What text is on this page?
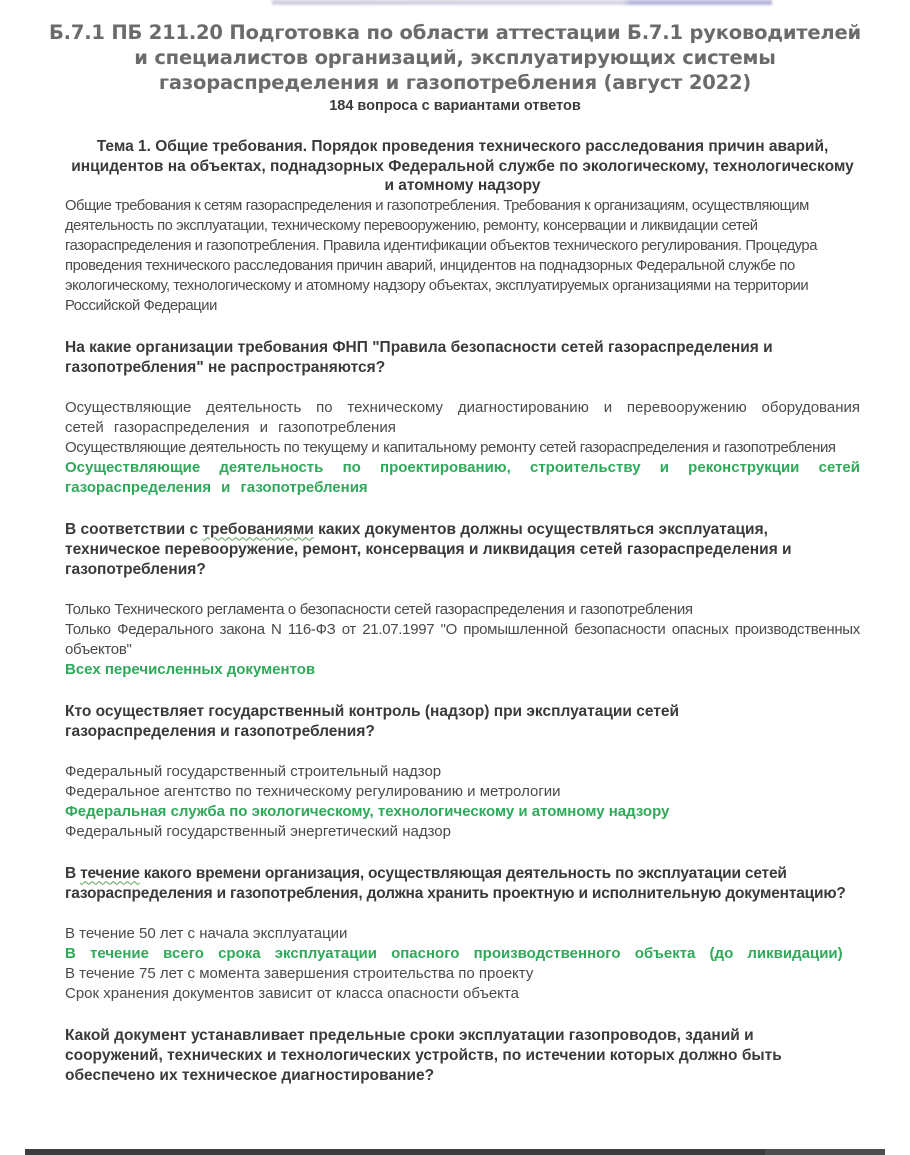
Б.7.1 ПБ 211.20 Подготовка по области аттестации Б.7.1 руководителей и специалистов организаций, эксплуатирующих системы газораспределения и газопотребления (август 2022)
184 вопроса с вариантами ответов

Тема 1. Общие требования. Порядок проведения технического расследования причин аварий, инцидентов на объектах, поднадзорных Федеральной службе по экологическому, технологическому и атомному надзору

Общие требования к сетям газораспределения и газопотребления. Требования к организациям, осуществляющим деятельность по эксплуатации, техническому перевооружению, ремонту, консервации и ликвидации сетей газораспределения и газопотребления. Правила идентификации объектов технического регулирования. Процедура проведения технического расследования причин аварий, инцидентов на поднадзорных Федеральной службе по экологическому, технологическому и атомному надзору объектах, эксплуатируемых организациями на территории Российской Федерации

На какие организации требования ФНП "Правила безопасности сетей газораспределения и газопотребления" не распространяются?

Осуществляющие деятельность по техническому диагностированию и перевооружению оборудования сетей газораспределения и газопотребления

Осуществляющие деятельность по текущему и капитальному ремонту сетей газораспределения и газопотребления

Осуществляющие деятельность по проектированию, строительству и реконструкции сетей газораспределения и газопотребления

В соответствии с требованиями каких документов должны осуществляться эксплуатация, техническое перевооружение, ремонт, консервация и ликвидация сетей газораспределения и газопотребления?

Только Технического регламента о безопасности сетей газораспределения и газопотребления

Только Федерального закона N 116-ФЗ от 21.07.1997 "О промышленной безопасности опасных производственных объектов"

Всех перечисленных документов

Кто осуществляет государственный контроль (надзор) при эксплуатации сетей газораспределения и газопотребления?

Федеральный государственный строительный надзор

Федеральное агентство по техническому регулированию и метрологии

Федеральная служба по экологическому, технологическому и атомному надзору

Федеральный государственный энергетический надзор

В течение какого времени организация, осуществляющая деятельность по эксплуатации сетей газораспределения и газопотребления, должна хранить проектную и исполнительную документацию?

В течение 50 лет с начала эксплуатации

В течение всего срока эксплуатации опасного производственного объекта (до ликвидации)

В течение 75 лет с момента завершения строительства по проекту

Срок хранения документов зависит от класса опасности объекта

Какой документ устанавливает предельные сроки эксплуатации газопроводов, зданий и сооружений, технических и технологических устройств, по истечении которых должно быть обеспечено их техническое диагностирование?
